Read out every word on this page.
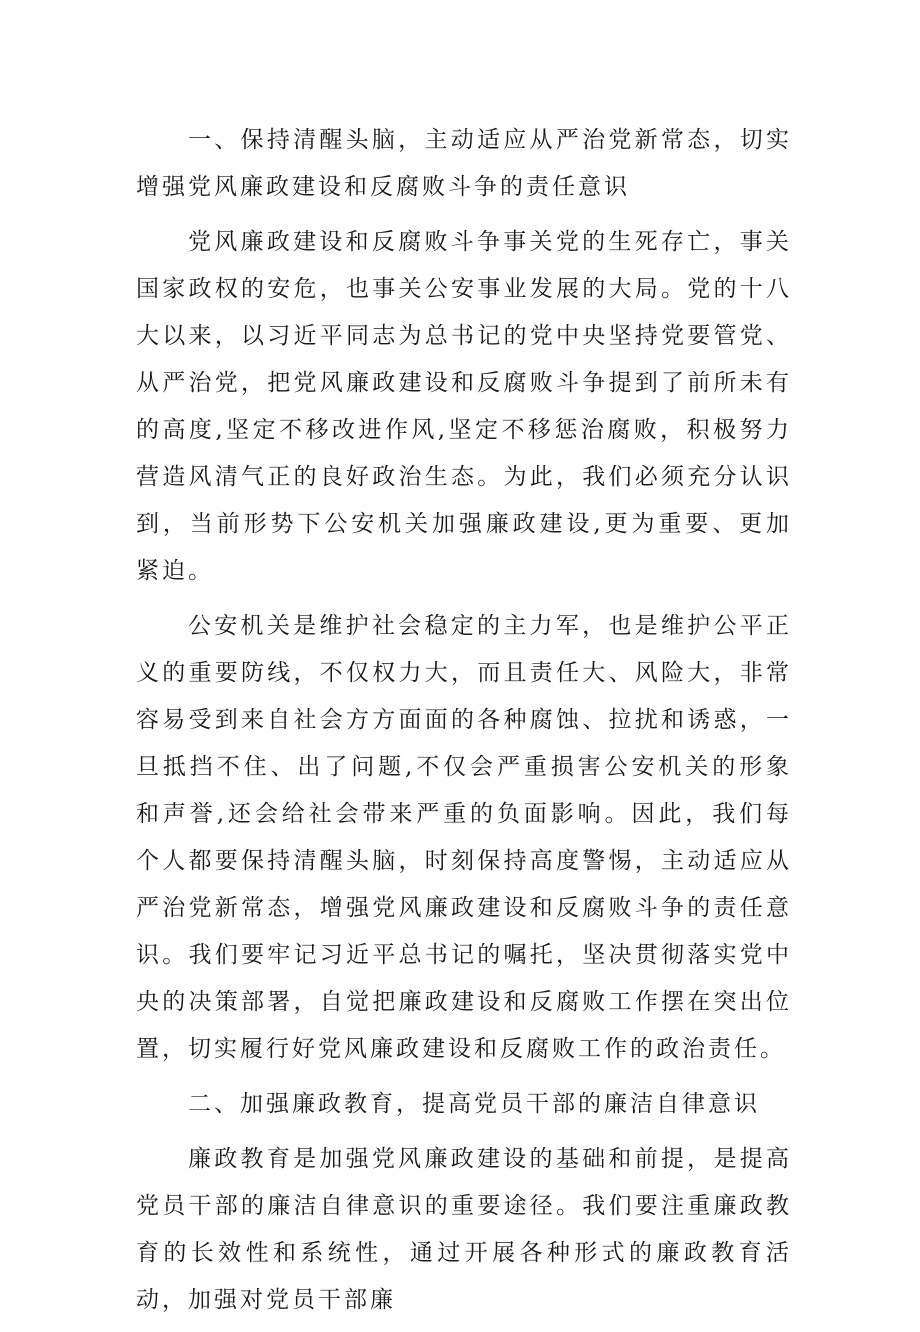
一、保持清醒头脑，主动适应从严治党新常态，切实增强党风廉政建设和反腐败斗争的责任意识

党风廉政建设和反腐败斗争事关党的生死存亡，事关国家政权的安危，也事关公安事业发展的大局。党的十八大以来，以习近平同志为总书记的党中央坚持党要管党、从严治党，把党风廉政建设和反腐败斗争提到了前所未有的高度,坚定不移改进作风,坚定不移惩治腐败，积极努力营造风清气正的良好政治生态。为此，我们必须充分认识到，当前形势下公安机关加强廉政建设,更为重要、更加紧迫。

公安机关是维护社会稳定的主力军，也是维护公平正义的重要防线，不仅权力大，而且责任大、风险大，非常容易受到来自社会方方面面的各种腐蚀、拉扰和诱惑，一旦抵挡不住、出了问题,不仅会严重损害公安机关的形象和声誉,还会给社会带来严重的负面影响。因此，我们每个人都要保持清醒头脑，时刻保持高度警惕，主动适应从严治党新常态，增强党风廉政建设和反腐败斗争的责任意识。我们要牢记习近平总书记的嘱托，坚决贯彻落实党中央的决策部署，自觉把廉政建设和反腐败工作摆在突出位置，切实履行好党风廉政建设和反腐败工作的政治责任。

二、加强廉政教育，提高党员干部的廉洁自律意识

廉政教育是加强党风廉政建设的基础和前提，是提高党员干部的廉洁自律意识的重要途径。我们要注重廉政教育的长效性和系统性，通过开展各种形式的廉政教育活动，加强对党员干部廉
